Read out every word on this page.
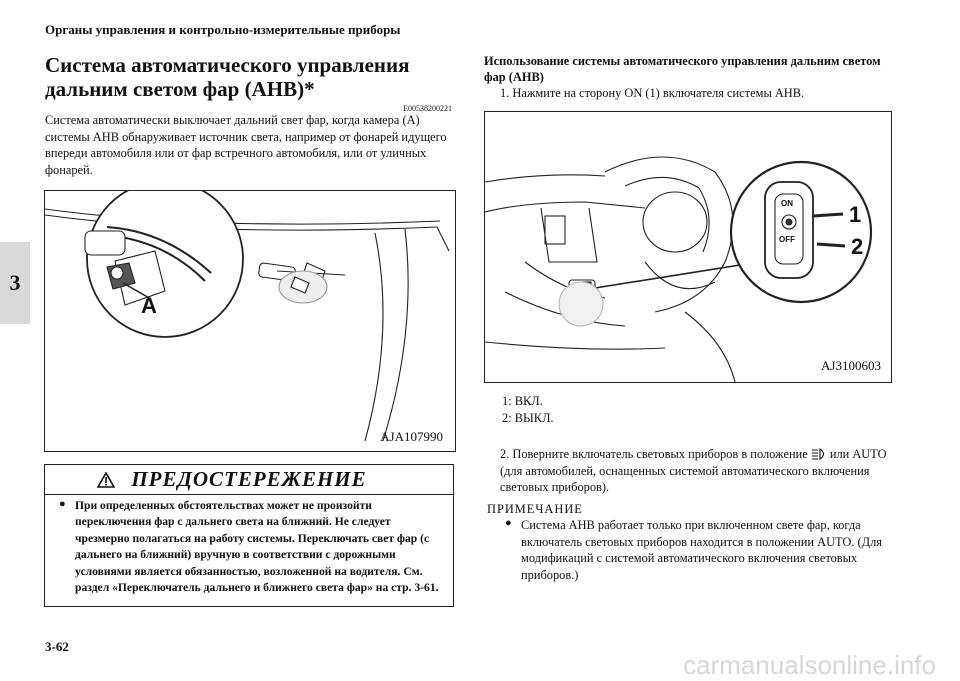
Органы управления и контрольно-измерительные приборы
3
Система автоматического управления дальним светом фар (AHB)*
E00538200221
Система автоматически выключает дальний свет фар, когда камера (A) системы AHB обнаруживает источник света, например от фонарей идущего впереди автомобиля или от фар встречного автомобиля, или от уличных фонарей.
A
AJA107990
ПРЕДОСТЕРЕЖЕНИЕ
● При определенных обстоятельствах может не произойти переключения фар с дальнего света на ближний. Не следует чрезмерно полагаться на работу системы. Переключать свет фар (с дальнего на ближний) вручную в соответствии с дорожными условиями является обязанностью, возложенной на водителя. См. раздел «Переключатель дальнего и ближнего света фар» на стр. 3-61.
Использование системы автоматического управления дальним светом фар (AHB)
1. Нажмите на сторону ON (1) включателя системы AHB.
ON
OFF
1
2
AJ3100603
1: ВКЛ.
2: ВЫКЛ.
2. Поверните включатель световых приборов в положение или AUTO (для автомобилей, оснащенных системой автоматического включения световых приборов).
ПРИМЕЧАНИЕ
● Система AHB работает только при включенном свете фар, когда включатель световых приборов находится в положении AUTO. (Для модификаций с системой автоматического включения световых приборов.)
3-62
carmanualsonline.info
